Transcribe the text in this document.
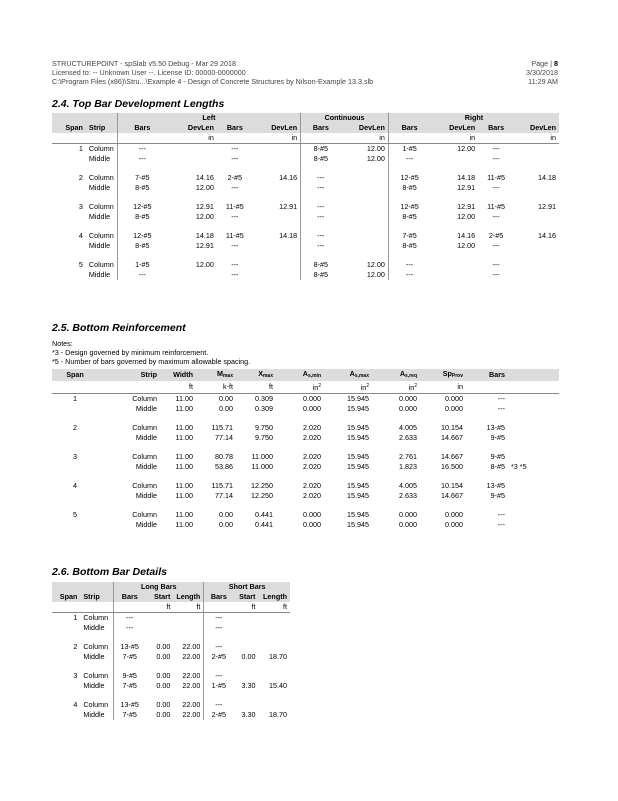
STRUCTUREPOINT - spSlab v5.50 Debug - Mar 29 2018
Licensed to: -- Unknown User --. License ID: 00000-0000000
C:\Program Files (x86)\Stru...\Example 4 - Design of Concrete Structures by Nilson-Example 13.3.slb
Page | 8
3/30/2018
11:29 AM
2.4. Top Bar Development Lengths
		Left				Continuous		Right			
Span	Strip	Bars	DevLen	Bars	DevLen	Bars	DevLen	Bars	DevLen	Bars	DevLen
			in		in		in		in		in
1	Column	---		---		8-#5	12.00	1-#5	12.00	---	
	Middle	---		---		8-#5	12.00	---		---	

2	Column	7-#5	14.16	2-#5	14.16	---		12-#5	14.18	11-#5	14.18
	Middle	8-#5	12.00	---		---		8-#5	12.91	---	

3	Column	12-#5	12.91	11-#5	12.91	---		12-#5	12.91	11-#5	12.91
	Middle	8-#5	12.00	---		---		8-#5	12.00	---	

4	Column	12-#5	14.18	11-#5	14.18	---		7-#5	14.16	2-#5	14.16
	Middle	8-#5	12.91	---		---		8-#5	12.00	---	

5	Column	1-#5	12.00	---		8-#5	12.00	---		---	
	Middle	---		---		8-#5	12.00	---		---	
2.5. Bottom Reinforcement
Notes:
*3 - Design governed by minimum reinforcement.
*5 - Number of bars governed by maximum allowable spacing.
Span	Strip	Width	$M_{max}$	$X_{max}$	$A_{s,min}$	$A_{s,max}$	$A_{s,req}$	$Sp_{Prov}$	Bars	
		ft	k-ft	ft	$in^2$	$in^2$	$in^2$	in		
1	Column	11.00	0.00	0.309	0.000	15.945	0.000	0.000	---	
	Middle	11.00	0.00	0.309	0.000	15.945	0.000	0.000	---	

2	Column	11.00	115.71	9.750	2.020	15.945	4.005	10.154	13-#5	
	Middle	11.00	77.14	9.750	2.020	15.945	2.633	14.667	9-#5	

3	Column	11.00	80.78	11.000	2.020	15.945	2.761	14.667	9-#5	
	Middle	11.00	53.86	11.000	2.020	15.945	1.823	16.500	8-#5	*3 *5

4	Column	11.00	115.71	12.250	2.020	15.945	4.005	10.154	13-#5	
	Middle	11.00	77.14	12.250	2.020	15.945	2.633	14.667	9-#5	

5	Column	11.00	0.00	0.441	0.000	15.945	0.000	0.000	---	
	Middle	11.00	0.00	0.441	0.000	15.945	0.000	0.000	---	
2.6. Bottom Bar Details
		Long Bars			Short Bars		
Span	Strip	Bars	Start	Length	Bars	Start	Length
			ft	ft		ft	ft
1	Column	---			---		
	Middle	---			---		

2	Column	13-#5	0.00	22.00	---		
	Middle	7-#5	0.00	22.00	2-#5	0.00	18.70

3	Column	9-#5	0.00	22.00	---		
	Middle	7-#5	0.00	22.00	1-#5	3.30	15.40

4	Column	13-#5	0.00	22.00	---		
	Middle	7-#5	0.00	22.00	2-#5	3.30	18.70
